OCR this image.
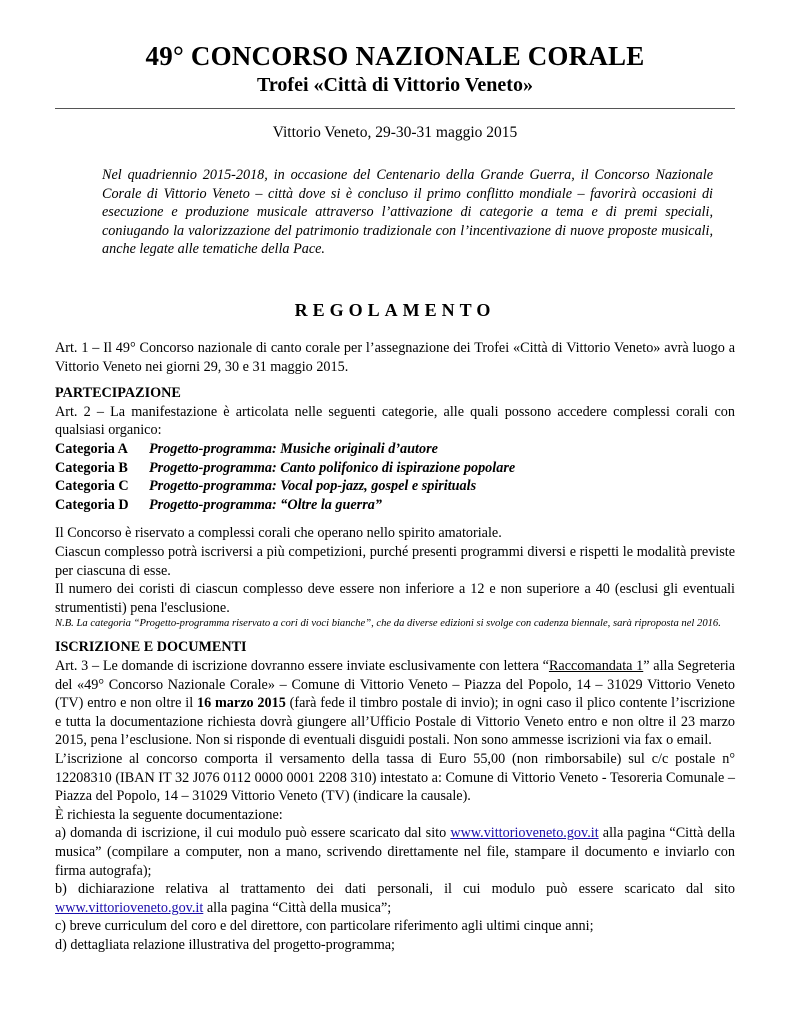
49° CONCORSO NAZIONALE CORALE
Trofei «Città di Vittorio Veneto»

Vittorio Veneto, 29-30-31 maggio 2015

Nel quadriennio 2015-2018, in occasione del Centenario della Grande Guerra, il Concorso Nazionale Corale di Vittorio Veneto – città dove si è concluso il primo conflitto mondiale – favorirà occasioni di esecuzione e produzione musicale attraverso l’attivazione di categorie a tema e di premi speciali, coniugando la valorizzazione del patrimonio tradizionale con l’incentivazione di nuove proposte musicali, anche legate alle tematiche della Pace.

REGOLAMENTO

Art. 1 – Il 49° Concorso nazionale di canto corale per l’assegnazione dei Trofei «Città di Vittorio Veneto» avrà luogo a Vittorio Veneto nei giorni 29, 30 e 31 maggio 2015.

PARTECIPAZIONE

Art. 2 – La manifestazione è articolata nelle seguenti categorie, alle quali possono accedere complessi corali con qualsiasi organico:

Categoria A Progetto-programma: Musiche originali d’autore

Categoria B Progetto-programma: Canto polifonico di ispirazione popolare

Categoria C Progetto-programma: Vocal pop-jazz, gospel e spirituals

Categoria D Progetto-programma: “Oltre la guerra”

Il Concorso è riservato a complessi corali che operano nello spirito amatoriale.

Ciascun complesso potrà iscriversi a più competizioni, purché presenti programmi diversi e rispetti le modalità previste per ciascuna di esse.

Il numero dei coristi di ciascun complesso deve essere non inferiore a 12 e non superiore a 40 (esclusi gli eventuali strumentisti) pena l'esclusione.

N.B. La categoria “Progetto-programma riservato a cori di voci bianche”, che da diverse edizioni si svolge con cadenza biennale, sarà riproposta nel 2016.

ISCRIZIONE E DOCUMENTI

Art. 3 – Le domande di iscrizione dovranno essere inviate esclusivamente con lettera “Raccomandata 1” alla Segreteria del «49° Concorso Nazionale Corale» – Comune di Vittorio Veneto – Piazza del Popolo, 14 – 31029 Vittorio Veneto (TV) entro e non oltre il 16 marzo 2015 (farà fede il timbro postale di invio); in ogni caso il plico contente l’iscrizione e tutta la documentazione richiesta dovrà giungere all’Ufficio Postale di Vittorio Veneto entro e non oltre il 23 marzo 2015, pena l’esclusione. Non si risponde di eventuali disguidi postali. Non sono ammesse iscrizioni via fax o email.

L’iscrizione al concorso comporta il versamento della tassa di Euro 55,00 (non rimborsabile) sul c/c postale n° 12208310 (IBAN IT 32 J076 0112 0000 0001 2208 310) intestato a: Comune di Vittorio Veneto - Tesoreria Comunale – Piazza del Popolo, 14 – 31029 Vittorio Veneto (TV) (indicare la causale).

È richiesta la seguente documentazione:

a) domanda di iscrizione, il cui modulo può essere scaricato dal sito www.vittorioveneto.gov.it alla pagina “Città della musica” (compilare a computer, non a mano, scrivendo direttamente nel file, stampare il documento e inviarlo con firma autografa);

b) dichiarazione relativa al trattamento dei dati personali, il cui modulo può essere scaricato dal sito www.vittorioveneto.gov.it alla pagina “Città della musica”;

c) breve curriculum del coro e del direttore, con particolare riferimento agli ultimi cinque anni;

d) dettagliata relazione illustrativa del progetto-programma;
